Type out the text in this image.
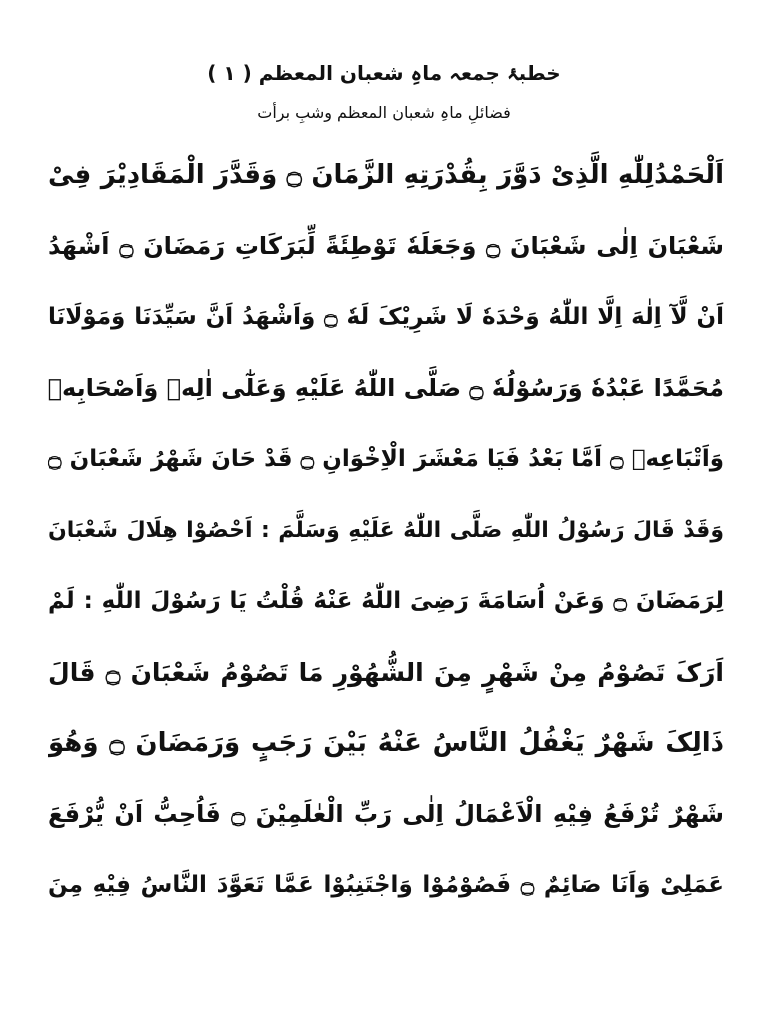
خطبۂ جمعہ ماہِ شعبان المعظم ( ۱ )
فضائلِ ماہِ شعبان المعظم وشبِ برأت
اَلْحَمْدُلِلّٰهِ الَّذِیْ دَوَّرَ بِقُدْرَتِهِ الزَّمَانَ ۝ وَقَدَّرَ الْمَقَادِیْرَ فِیْ
شَعْبَانَ اِلٰی شَعْبَانَ ۝ وَجَعَلَهٗ تَوْطِئَةً لِّبَرَكَاتِ رَمَضَانَ ۝ اَشْهَدُ
اَنْ لَّآ اِلٰهَ اِلَّا اللّٰهُ وَحْدَهٗ لَا شَرِیْکَ لَهٗ ۝ وَاَشْهَدُ اَنَّ سَیِّدَنَا وَمَوْلَانَا
مُحَمَّدًا عَبْدُهٗ وَرَسُوْلُهٗ ۝ صَلَّی اللّٰهُ عَلَیْهِ وَعَلٰٓی اٰلِهٖ وَاَصْحَابِهٖ
وَاَتْبَاعِهٖ ۝ اَمَّا بَعْدُ فَیَا مَعْشَرَ الْاِخْوَانِ ۝ قَدْ حَانَ شَهْرُ شَعْبَانَ ۝
وَقَدْ قَالَ رَسُوْلُ اللّٰهِ صَلَّی اللّٰهُ عَلَیْهِ وَسَلَّمَ : اَحْصُوْا هِلَالَ شَعْبَانَ
لِرَمَضَانَ ۝ وَعَنْ اُسَامَةَ رَضِیَ اللّٰهُ عَنْهُ قُلْتُ یَا رَسُوْلَ اللّٰهِ : لَمْ
اَرَکَ تَصُوْمُ مِنْ شَهْرٍ مِنَ الشُّهُوْرِ مَا تَصُوْمُ شَعْبَانَ ۝ قَالَ
ذَالِکَ شَهْرٌ یَغْفُلُ النَّاسُ عَنْهُ بَیْنَ رَجَبٍ وَرَمَضَانَ ۝ وَهُوَ
شَهْرٌ تُرْفَعُ فِیْهِ الْاَعْمَالُ اِلٰی رَبِّ الْعٰلَمِیْنَ ۝ فَاُحِبُّ اَنْ یُّرْفَعَ
عَمَلِیْ وَاَنَا صَائِمٌ ۝ فَصُوْمُوْا وَاجْتَنِبُوْا عَمَّا تَعَوَّدَ النَّاسُ فِیْهِ مِنَ
